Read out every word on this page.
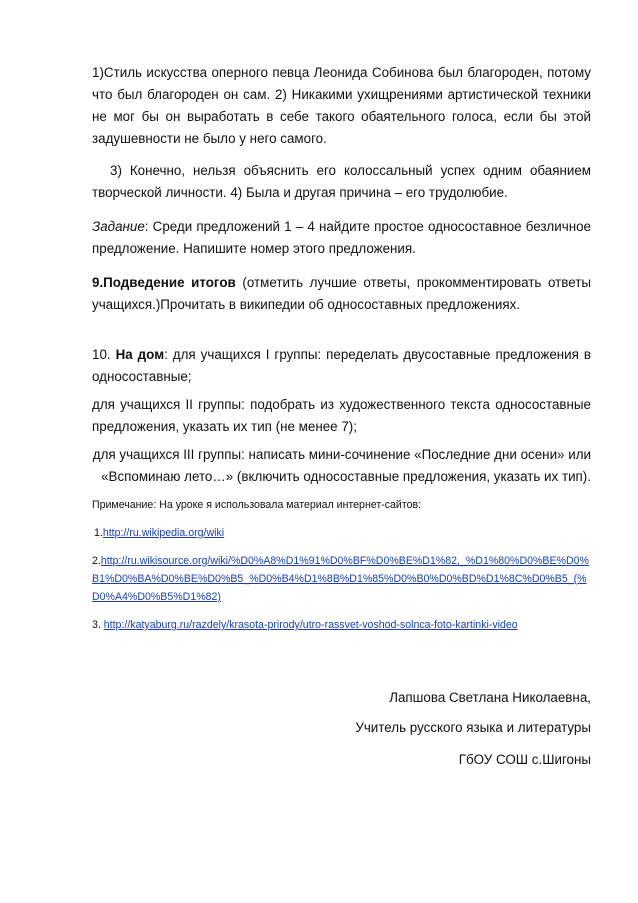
1)Стиль искусства оперного певца Леонида Собинова был благороден, потому что был благороден он сам. 2) Никакими ухищрениями артистической техники не мог бы он выработать в себе такого обаятельного голоса, если бы этой задушевности не было у него самого.

3) Конечно, нельзя объяснить его колоссальный успех одним обаянием творческой личности. 4) Была и другая причина – его трудолюбие.

Задание: Среди предложений 1 – 4 найдите простое односоставное безличное предложение. Напишите номер этого предложения.

9.Подведение итогов (отметить лучшие ответы, прокомментировать ответы учащихся.)Прочитать в википедии об односоставных предложениях.

10. На дом: для учащихся I группы: переделать двусоставные предложения в односоставные;

для учащихся II группы: подобрать из художественного текста односоставные предложения, указать их тип (не менее 7);

для учащихся III группы: написать мини-сочинение «Последние дни осени» или «Вспоминаю лето…» (включить односоставные предложения, указать их тип).

Примечание: На уроке я использовала материал интернет-сайтов:

1.http://ru.wikipedia.org/wiki

2.http://ru.wikisource.org/wiki/%D0%A8%D1%91%D0%BF%D0%BE%D1%82,_%D1%80%D0%BE%D0%B1%D0%BA%D0%BE%D0%B5_%D0%B4%D1%8B%D1%85%D0%B0%D0%BD%D1%8C%D0%B5_(%D0%A4%D0%B5%D1%82)

3. http://katyaburg.ru/razdely/krasota-prirody/utro-rassvet-voshod-solnca-foto-kartinki-video

Лапшова Светлана Николаевна,
Учитель русского языка и литературы
ГбОУ СОШ с.Шигоны
